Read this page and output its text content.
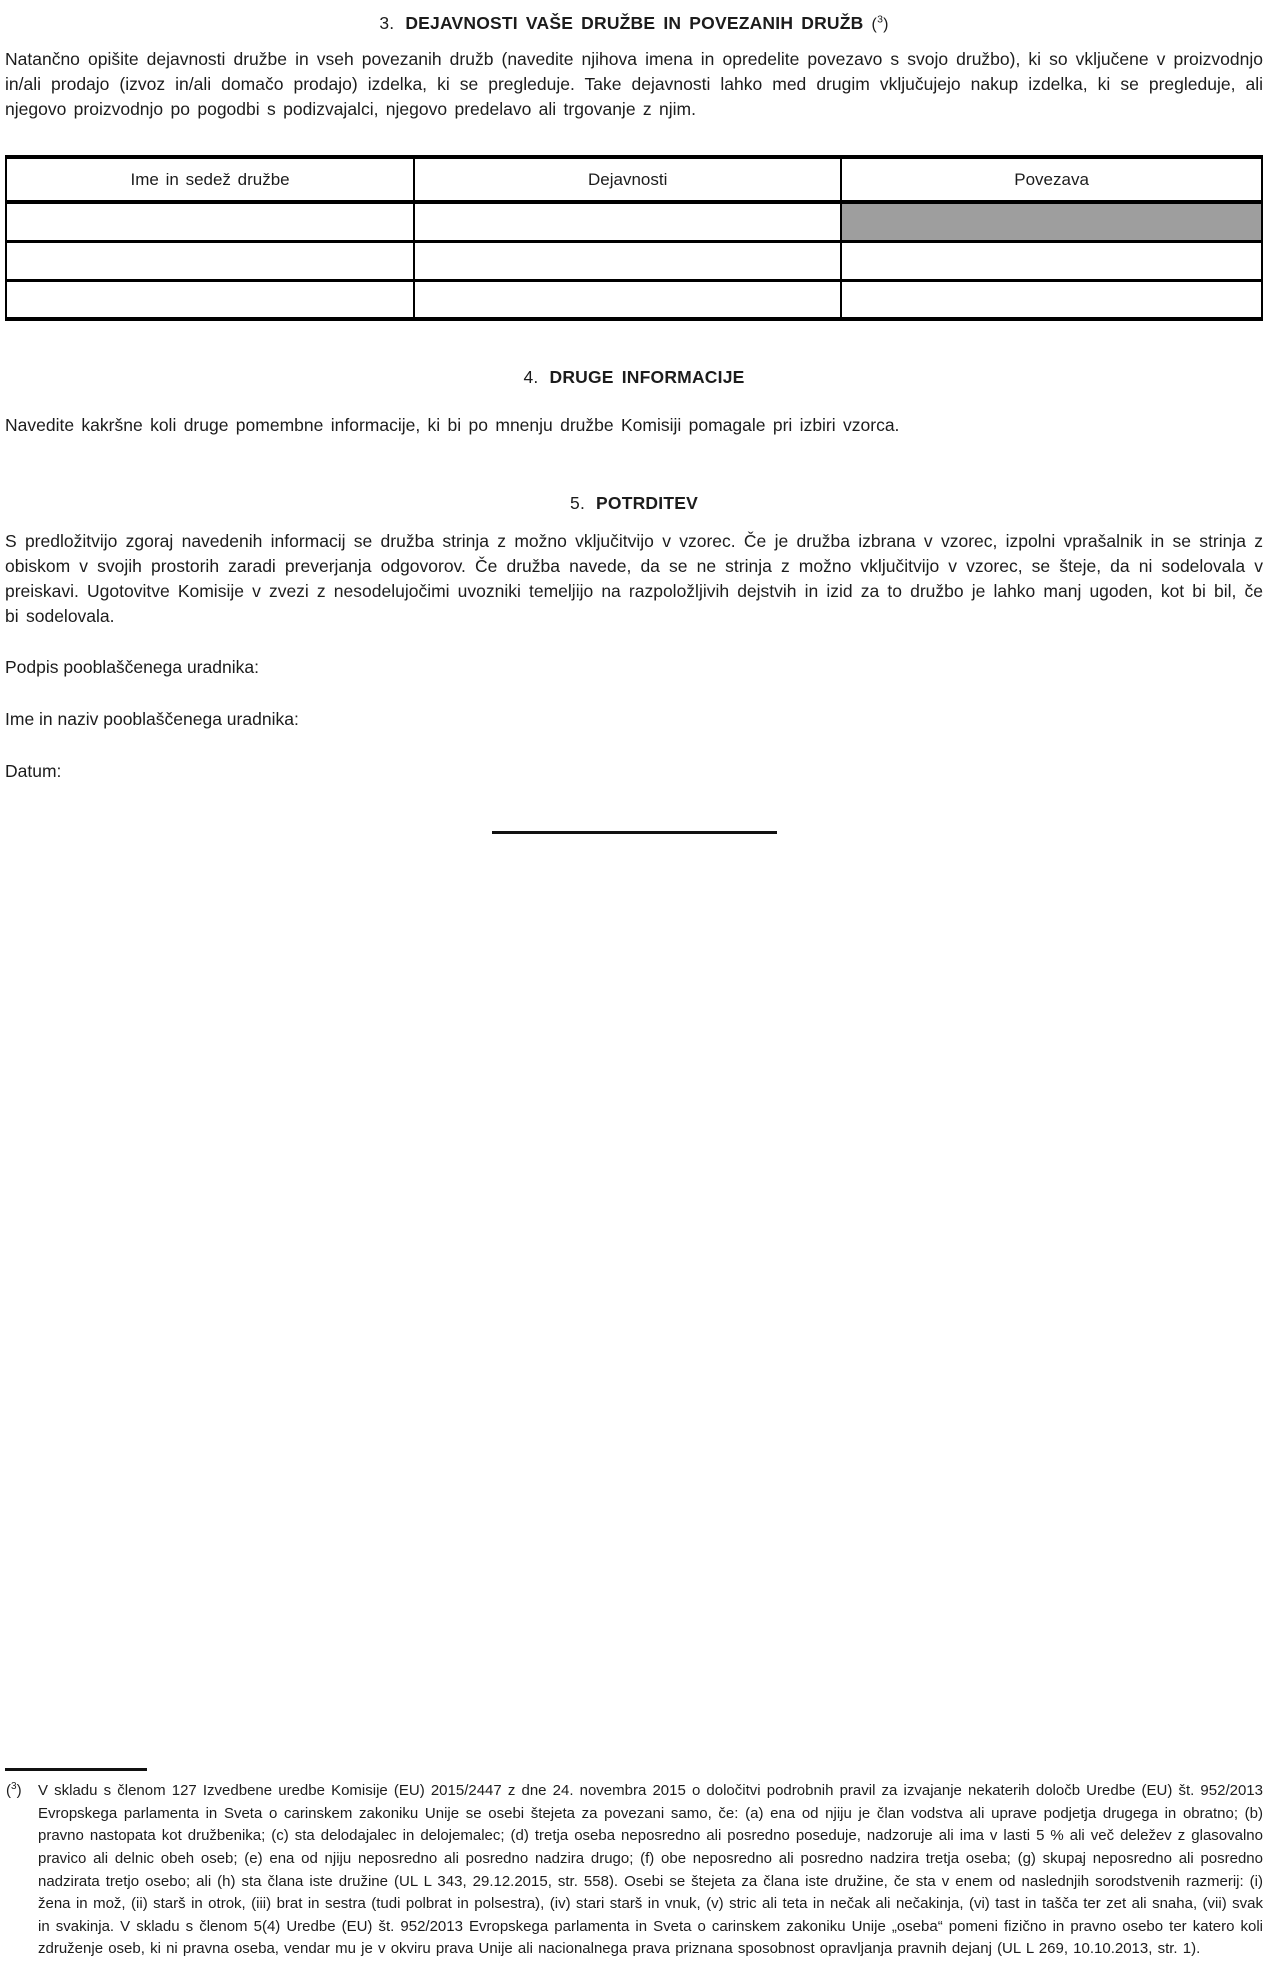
3. DEJAVNOSTI VAŠE DRUŽBE IN POVEZANIH DRUŽB ($^3$)

Natančno opišite dejavnosti družbe in vseh povezanih družb (navedite njihova imena in opredelite povezavo s svojo družbo), ki so vključene v proizvodnjo in/ali prodajo (izvoz in/ali domačo prodajo) izdelka, ki se pregleduje. Take dejavnosti lahko med drugim vključujejo nakup izdelka, ki se pregleduje, ali njegovo proizvodnjo po pogodbi s podizvajalci, njegovo predelavo ali trgovanje z njim.

Ime in sedež družbe	Dejavnosti	Povezava

4. DRUGE INFORMACIJE

Navedite kakršne koli druge pomembne informacije, ki bi po mnenju družbe Komisiji pomagale pri izbiri vzorca.

5. POTRDITEV

S predložitvijo zgoraj navedenih informacij se družba strinja z možno vključitvijo v vzorec. Če je družba izbrana v vzorec, izpolni vprašalnik in se strinja z obiskom v svojih prostorih zaradi preverjanja odgovorov. Če družba navede, da se ne strinja z možno vključitvijo v vzorec, se šteje, da ni sodelovala v preiskavi. Ugotovitve Komisije v zvezi z nesodelujočimi uvozniki temeljijo na razpoložljivih dejstvih in izid za to družbo je lahko manj ugoden, kot bi bil, če bi sodelovala.

Podpis pooblaščenega uradnika:
Ime in naziv pooblaščenega uradnika:
Datum:
($^3$) V skladu s členom 127 Izvedbene uredbe Komisije (EU) 2015/2447 z dne 24. novembra 2015 o določitvi podrobnih pravil za izvajanje nekaterih določb Uredbe (EU) št. 952/2013 Evropskega parlamenta in Sveta o carinskem zakoniku Unije se osebi štejeta za povezani samo, če: (a) ena od njiju je član vodstva ali uprave podjetja drugega in obratno; (b) pravno nastopata kot družbenika; (c) sta delodajalec in delojemalec; (d) tretja oseba neposredno ali posredno poseduje, nadzoruje ali ima v lasti 5 % ali več deležev z glasovalno pravico ali delnic obeh oseb; (e) ena od njiju neposredno ali posredno nadzira drugo; (f) obe neposredno ali posredno nadzira tretja oseba; (g) skupaj neposredno ali posredno nadzirata tretjo osebo; ali (h) sta člana iste družine (UL L 343, 29.12.2015, str. 558). Osebi se štejeta za člana iste družine, če sta v enem od naslednjih sorodstvenih razmerij: (i) žena in mož, (ii) starš in otrok, (iii) brat in sestra (tudi polbrat in polsestra), (iv) stari starš in vnuk, (v) stric ali teta in nečak ali nečakinja, (vi) tast in tašča ter zet ali snaha, (vii) svak in svakinja. V skladu s členom 5(4) Uredbe (EU) št. 952/2013 Evropskega parlamenta in Sveta o carinskem zakoniku Unije „oseba“ pomeni fizično in pravno osebo ter katero koli združenje oseb, ki ni pravna oseba, vendar mu je v okviru prava Unije ali nacionalnega prava priznana sposobnost opravljanja pravnih dejanj (UL L 269, 10.10.2013, str. 1).
